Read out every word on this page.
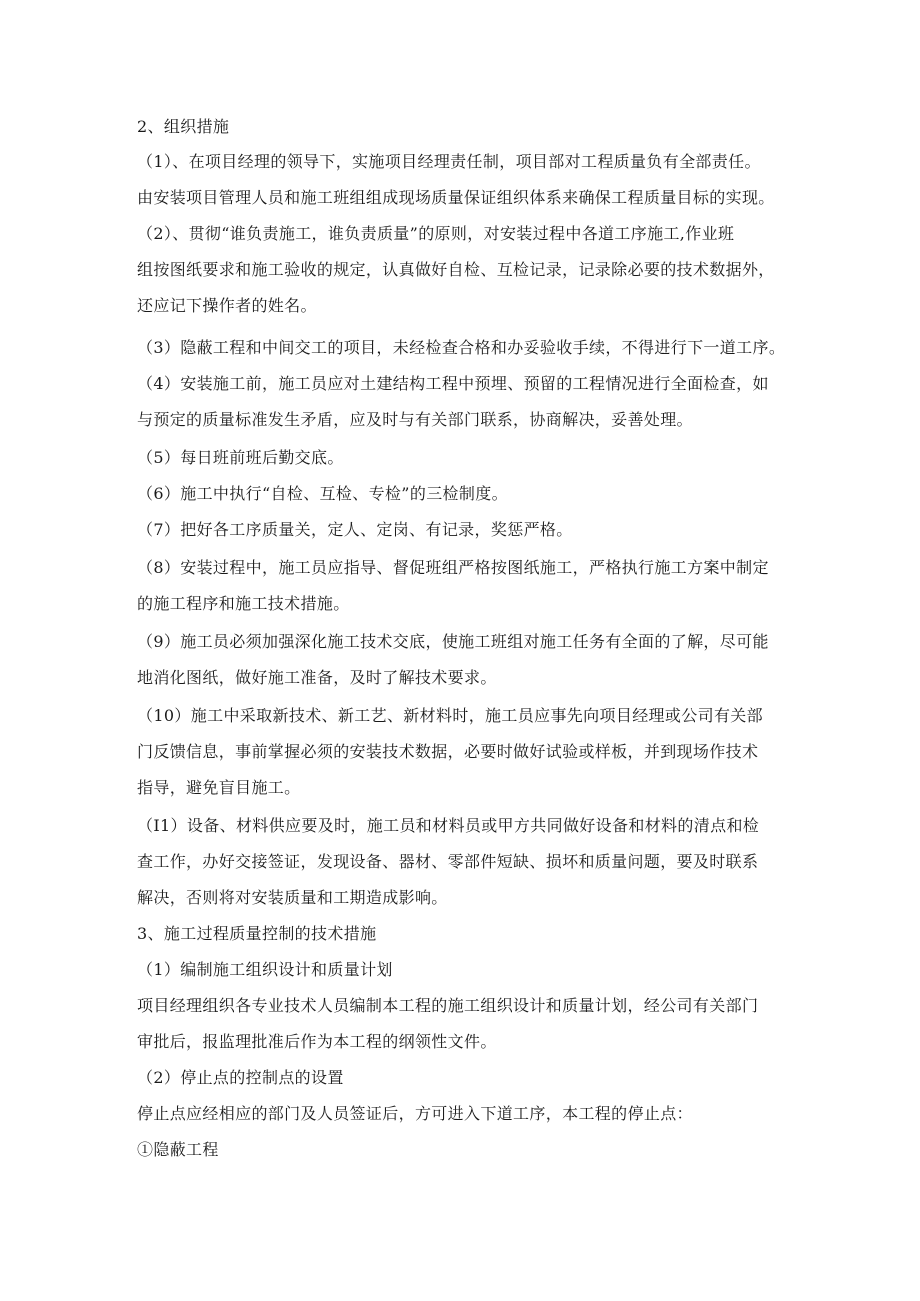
2、组织措施
（1）、在项目经理的领导下，实施项目经理责任制，项目部对工程质量负有全部责任。
由安装项目管理人员和施工班组组成现场质量保证组织体系来确保工程质量目标的实现。
（2）、贯彻“谁负责施工，谁负责质量”的原则，对安装过程中各道工序施工,作业班
组按图纸要求和施工验收的规定，认真做好自检、互检记录，记录除必要的技术数据外，
还应记下操作者的姓名。
（3）隐蔽工程和中间交工的项目，未经检查合格和办妥验收手续，不得进行下一道工序。
（4）安装施工前，施工员应对土建结构工程中预埋、预留的工程情况进行全面检查，如
与预定的质量标准发生矛盾，应及时与有关部门联系，协商解决，妥善处理。
（5）每日班前班后勤交底。
（6）施工中执行“自检、互检、专检”的三检制度。
（7）把好各工序质量关，定人、定岗、有记录，奖惩严格。
（8）安装过程中，施工员应指导、督促班组严格按图纸施工，严格执行施工方案中制定
的施工程序和施工技术措施。
（9）施工员必须加强深化施工技术交底，使施工班组对施工任务有全面的了解，尽可能
地消化图纸，做好施工准备，及时了解技术要求。
（10）施工中采取新技术、新工艺、新材料时，施工员应事先向项目经理或公司有关部
门反馈信息，事前掌握必须的安装技术数据，必要时做好试验或样板，并到现场作技术
指导，避免盲目施工。
（I1）设备、材料供应要及时，施工员和材料员或甲方共同做好设备和材料的清点和检
查工作，办好交接签证，发现设备、器材、零部件短缺、损坏和质量问题，要及时联系
解决，否则将对安装质量和工期造成影响。
3、施工过程质量控制的技术措施
（1）编制施工组织设计和质量计划
项目经理组织各专业技术人员编制本工程的施工组织设计和质量计划，经公司有关部门
审批后，报监理批准后作为本工程的纲领性文件。
（2）停止点的控制点的设置
停止点应经相应的部门及人员签证后，方可进入下道工序，本工程的停止点：
①隐蔽工程
